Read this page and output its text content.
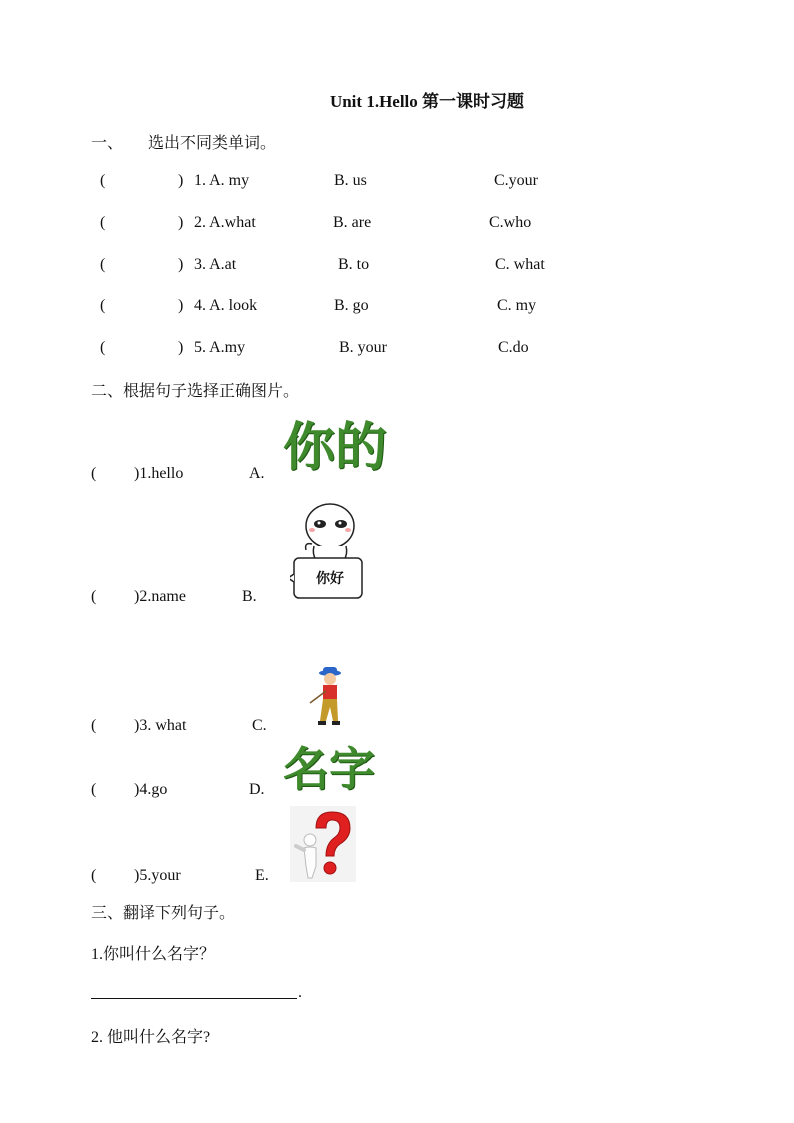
Unit 1.Hello 第一课时习题
一、 选出不同类单词。
(	) 1. A. my	B. us	C.your
(	) 2. A.what	B. are	C.who
(	) 3. A.at	B. to	C. what
(	) 4. A. look	B. go	C. my
(	) 5. A.my	B. your	C.do
二、根据句子选择正确图片。
( )1.hello	A.
( )2.name	B.
( )3. what	C.
( )4.go	D.
( )5.your	E.
你的
你好
名字
三、翻译下列句子。
1.你叫什么名字？
.
2. 他叫什么名字?
